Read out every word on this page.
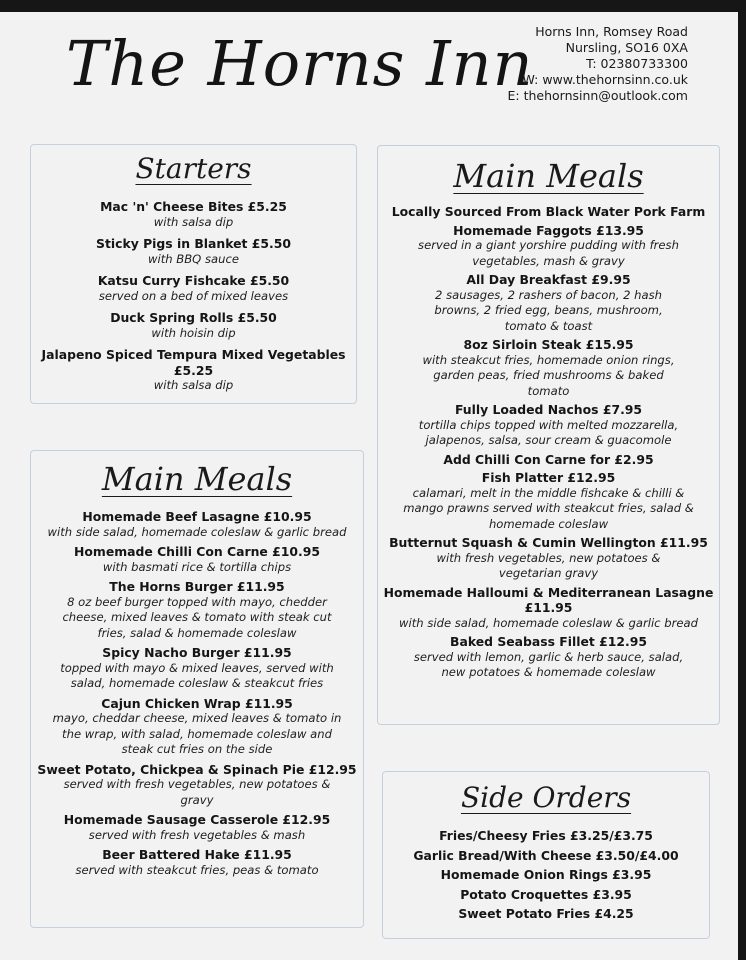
The Horns Inn Horns Inn, Romsey Road
Nursling, SO16 0XA
T: 02380733300
W: www.thehornsinn.co.uk
E: thehornsinn@outlook.com
Starters
Mac 'n' Cheese Bites £5.25
with salsa dip
Sticky Pigs in Blanket £5.50
with BBQ sauce
Katsu Curry Fishcake £5.50
served on a bed of mixed leaves
Duck Spring Rolls £5.50
with hoisin dip
Jalapeno Spiced Tempura Mixed Vegetables £5.25
with salsa dip
Main Meals
Homemade Beef Lasagne £10.95
with side salad, homemade coleslaw & garlic bread
Homemade Chilli Con Carne £10.95
with basmati rice & tortilla chips
The Horns Burger £11.95
8 oz beef burger topped with mayo, chedder
cheese, mixed leaves & tomato with steak cut
fries, salad & homemade coleslaw
Spicy Nacho Burger £11.95
topped with mayo & mixed leaves, served with
salad, homemade coleslaw & steakcut fries
Cajun Chicken Wrap £11.95
mayo, cheddar cheese, mixed leaves & tomato in
the wrap, with salad, homemade coleslaw and
steak cut fries on the side
Sweet Potato, Chickpea & Spinach Pie £12.95
served with fresh vegetables, new potatoes &
gravy
Homemade Sausage Casserole £12.95
served with fresh vegetables & mash
Beer Battered Hake £11.95
served with steakcut fries, peas & tomato
Main Meals
Locally Sourced From Black Water Pork Farm
Homemade Faggots £13.95
served in a giant yorshire pudding with fresh
vegetables, mash & gravy
All Day Breakfast £9.95
2 sausages, 2 rashers of bacon, 2 hash
browns, 2 fried egg, beans, mushroom,
tomato & toast
8oz Sirloin Steak £15.95
with steakcut fries, homemade onion rings,
garden peas, fried mushrooms & baked
tomato
Fully Loaded Nachos £7.95
tortilla chips topped with melted mozzarella,
jalapenos, salsa, sour cream & guacomole
Add Chilli Con Carne for £2.95
Fish Platter £12.95
calamari, melt in the middle fishcake & chilli &
mango prawns served with steakcut fries, salad &
homemade coleslaw
Butternut Squash & Cumin Wellington £11.95
with fresh vegetables, new potatoes &
vegetarian gravy
Homemade Halloumi & Mediterranean Lasagne
£11.95
with side salad, homemade coleslaw & garlic bread
Baked Seabass Fillet £12.95
served with lemon, garlic & herb sauce, salad,
new potatoes & homemade coleslaw
Side Orders
Fries/Cheesy Fries £3.25/£3.75
Garlic Bread/With Cheese £3.50/£4.00
Homemade Onion Rings £3.95
Potato Croquettes £3.95
Sweet Potato Fries £4.25
